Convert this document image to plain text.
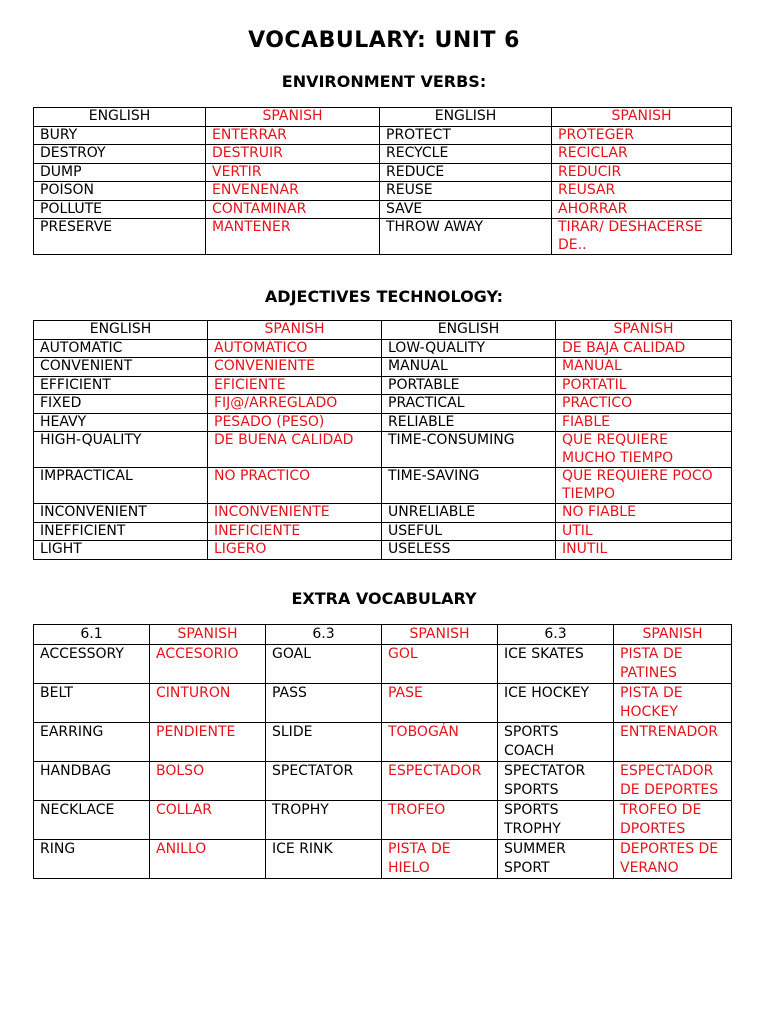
VOCABULARY: UNIT 6
ENVIRONMENT VERBS:
ENGLISH	SPANISH	ENGLISH	SPANISH
BURY	ENTERRAR	PROTECT	PROTEGER
DESTROY	DESTRUIR	RECYCLE	RECICLAR
DUMP	VERTIR	REDUCE	REDUCIR
POISON	ENVENENAR	REUSE	REUSAR
POLLUTE	CONTAMINAR	SAVE	AHORRAR
PRESERVE	MANTENER	THROW AWAY	TIRAR/ DESHACERSE DE..
ADJECTIVES TECHNOLOGY:
ENGLISH	SPANISH	ENGLISH	SPANISH
AUTOMATIC	AUTOMÁTICO	LOW-QUALITY	DE BAJA CALIDAD
CONVENIENT	CONVENIENTE	MANUAL	MANUAL
EFFICIENT	EFICIENTE	PORTABLE	PORTATIL
FIXED	FIJ@/ARREGLADO	PRACTICAL	PRACTICO
HEAVY	PESADO (PESO)	RELIABLE	FIABLE
HIGH-QUALITY	DE BUENA CALIDAD	TIME-CONSUMING	QUE REQUIERE MUCHO TIEMPO
IMPRACTICAL	NO PRACTICO	TIME-SAVING	QUE REQUIERE POCO TIEMPO
INCONVENIENT	INCONVENIENTE	UNRELIABLE	NO FIABLE
INEFFICIENT	INEFICIENTE	USEFUL	UTIL
LIGHT	LIGERO	USELESS	INUTIL
EXTRA VOCABULARY
6.1	SPANISH	6.3	SPANISH	6.3	SPANISH
ACCESSORY	ACCESORIO	GOAL	GOL	ICE SKATES	PISTA DE PATINES
BELT	CINTURON	PASS	PASE	ICE HOCKEY	PISTA DE HOCKEY
EARRING	PENDIENTE	SLIDE	TOBOGÁN	SPORTS COACH	ENTRENADOR
HANDBAG	BOLSO	SPECTATOR	ESPECTADOR	SPECTATOR SPORTS	ESPECTADOR DE DEPORTES
NECKLACE	COLLAR	TROPHY	TROFEO	SPORTS TROPHY	TROFEO DE DPORTES
RING	ANILLO	ICE RINK	PISTA DE HIELO	SUMMER SPORT	DEPORTES DE VERANO
